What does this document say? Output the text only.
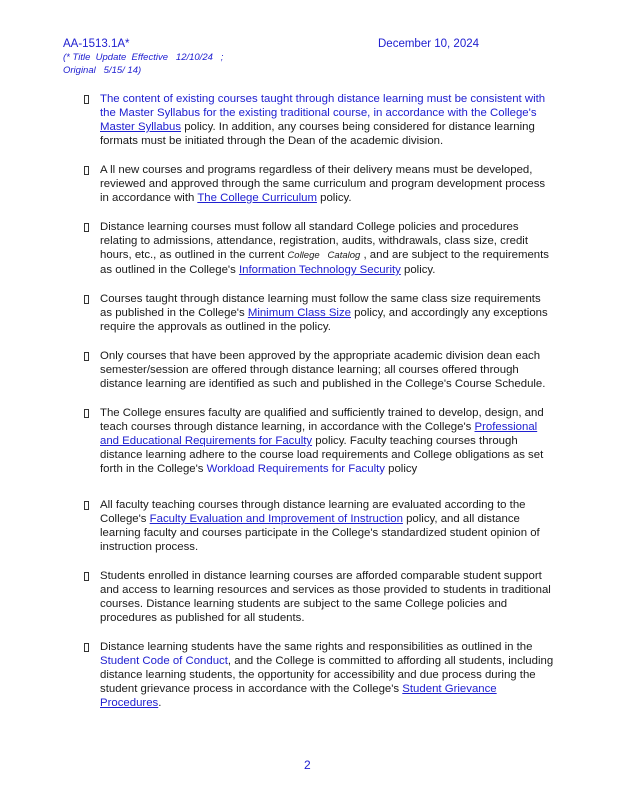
AA-1513.1A*	December 10, 2024
(* Title  Update  Effective   12/10/24   ;
Original   5/15/ 14)
The content of existing courses taught through distance learning must be consistent with the Master Syllabus for the existing traditional course, in accordance with the College's Master Syllabus policy. In addition, any courses being considered for distance learning formats must be initiated through the Dean of the academic division.
A ll new courses and programs regardless of their delivery means must be developed, reviewed and approved through the same curriculum and program development process in accordance with The College Curriculum policy.
Distance learning courses must follow all standard College policies and procedures relating to admissions, attendance, registration, audits, withdrawals, class size, credit hours, etc., as outlined in the current College   Catalog , and are subject to the requirements as outlined in the College's Information Technology Security policy.
Courses taught through distance learning must follow the same class size requirements as published in the College's Minimum Class Size policy, and accordingly any exceptions require the approvals as outlined in the policy.
Only courses that have been approved by the appropriate academic division dean each semester/session are offered through distance learning; all courses offered through distance learning are identified as such and published in the College's Course Schedule.
The College ensures faculty are qualified and sufficiently trained to develop, design, and teach courses through distance learning, in accordance with the College's Professional and Educational Requirements for Faculty policy. Faculty teaching courses through distance learning adhere to the course load requirements and College obligations as set forth in the College's Workload Requirements for Faculty policy
All faculty teaching courses through distance learning are evaluated according to the College's Faculty Evaluation and Improvement of Instruction policy, and all distance learning faculty and courses participate in the College's standardized student opinion of instruction process.
Students enrolled in distance learning courses are afforded comparable student support and access to learning resources and services as those provided to students in traditional courses. Distance learning students are subject to the same College policies and procedures as published for all students.
Distance learning students have the same rights and responsibilities as outlined in the Student Code of Conduct, and the College is committed to affording all students, including distance learning students, the opportunity for accessibility and due process during the student grievance process in accordance with the College's Student Grievance Procedures.
2
